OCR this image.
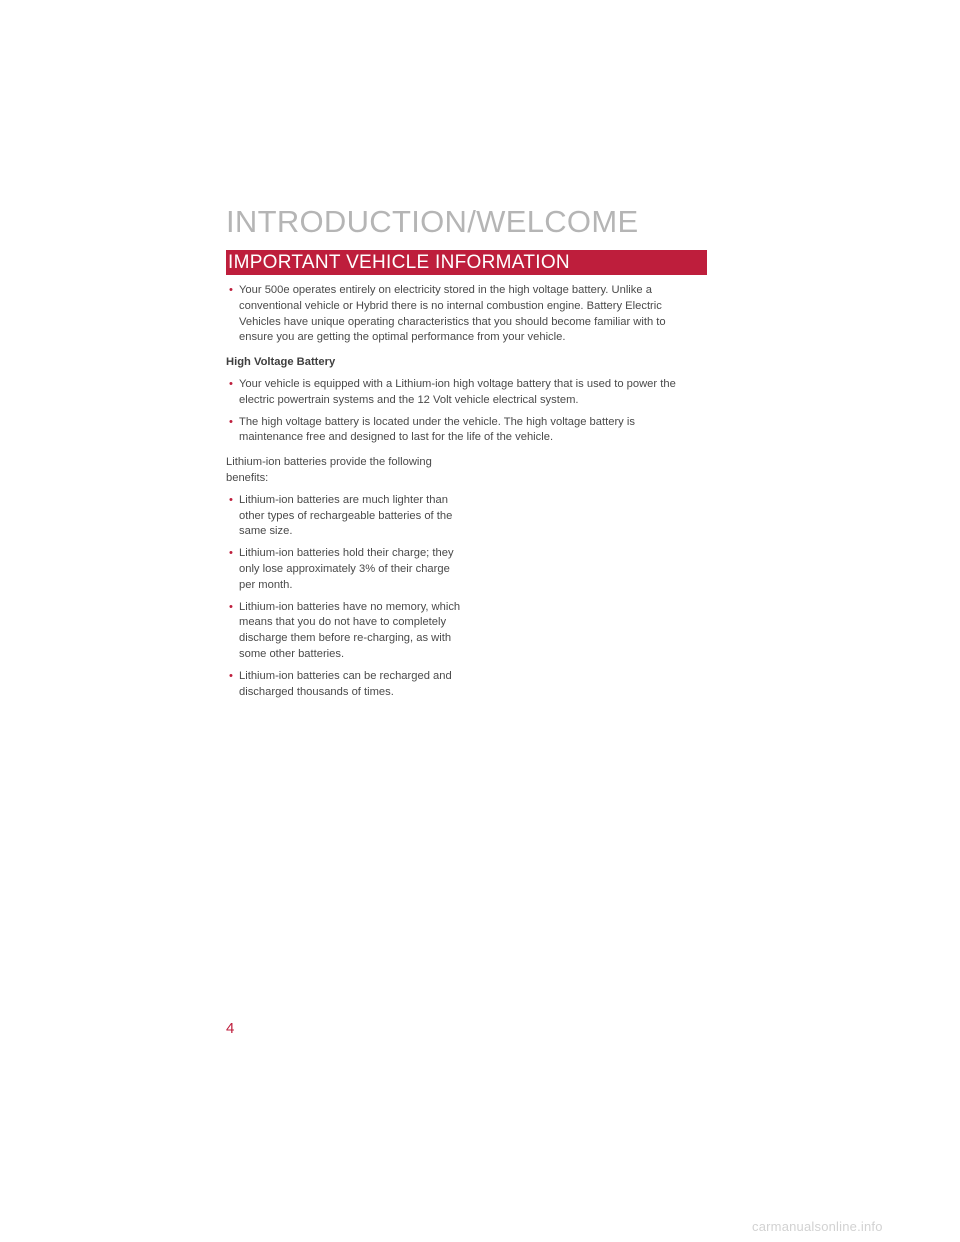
INTRODUCTION/WELCOME
IMPORTANT VEHICLE INFORMATION
• Your 500e operates entirely on electricity stored in the high voltage battery. Unlike a conventional vehicle or Hybrid there is no internal combustion engine. Battery Electric Vehicles have unique operating characteristics that you should become familiar with to ensure you are getting the optimal performance from your vehicle.
High Voltage Battery
• Your vehicle is equipped with a Lithium-ion high voltage battery that is used to power the electric powertrain systems and the 12 Volt vehicle electrical system.
• The high voltage battery is located under the vehicle. The high voltage battery is maintenance free and designed to last for the life of the vehicle.
Lithium-ion batteries provide the following benefits:
• Lithium-ion batteries are much lighter than other types of rechargeable batteries of the same size.
• Lithium-ion batteries hold their charge; they only lose approximately 3% of their charge per month.
• Lithium-ion batteries have no memory, which means that you do not have to completely discharge them before re-charging, as with some other batteries.
• Lithium-ion batteries can be recharged and discharged thousands of times.
4
carmanualsonline.info
